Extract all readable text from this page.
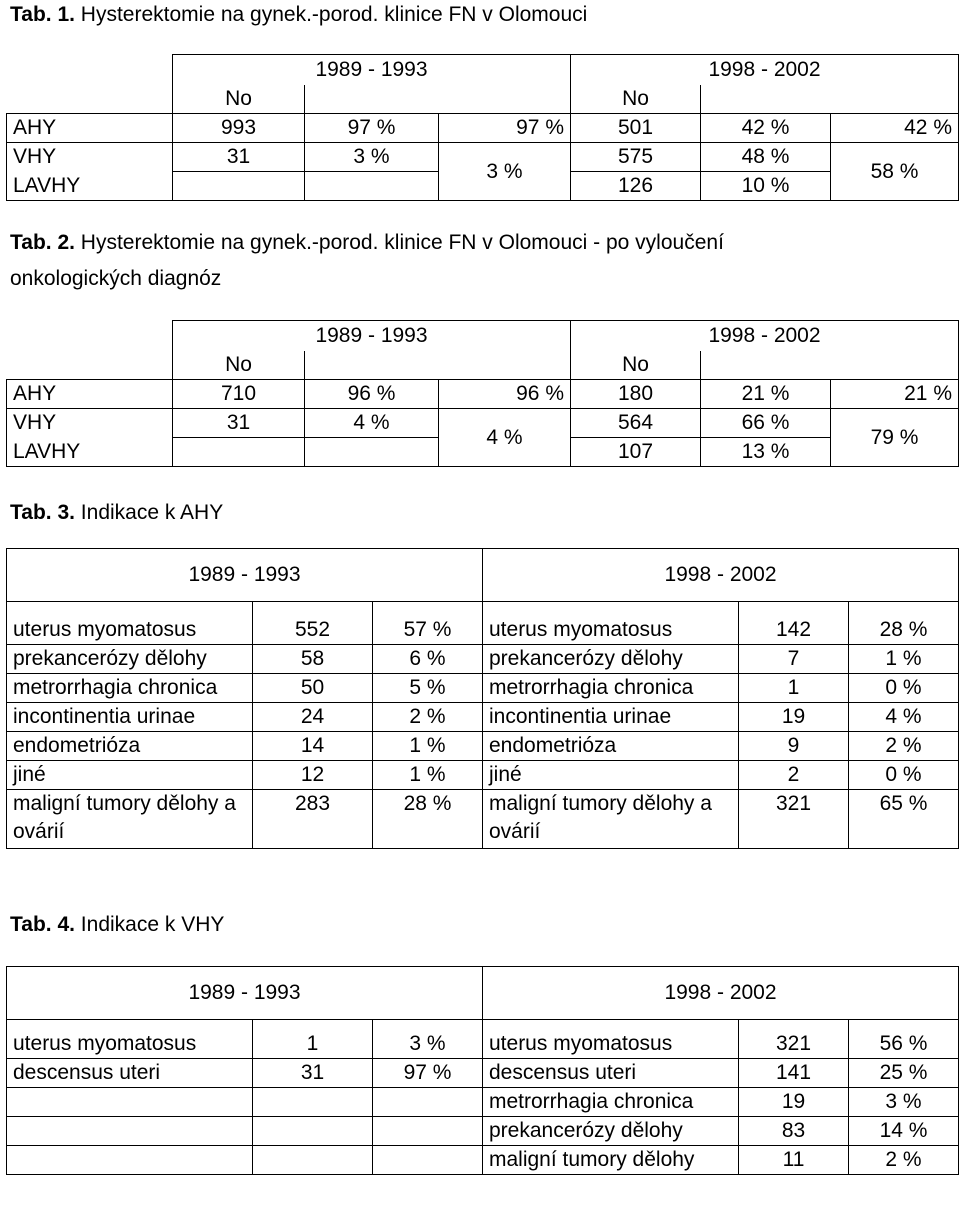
Tab. 1. Hysterektomie na gynek.-porod. klinice FN v Olomouci
	1989 - 1993			1998 - 2002		
	No			No		
AHY	993	97 %	97 %	501	42 %	42 %
VHY	31	3 %	3 %	575	48 %	58 %
LAVHY				126	10 %	
Tab. 2. Hysterektomie na gynek.-porod. klinice FN v Olomouci - po vyloučení
onkologických diagnóz
	1989 - 1993			1998 - 2002		
	No			No		
AHY	710	96 %	96 %	180	21 %	21 %
VHY	31	4 %	4 %	564	66 %	79 %
LAVHY				107	13 %	
Tab. 3. Indikace k AHY
1989 - 1993			1998 - 2002		
uterus myomatosus	552	57 %	uterus myomatosus	142	28 %
prekancerózy dělohy	58	6 %	prekancerózy dělohy	7	1 %
metrorrhagia chronica	50	5 %	metrorrhagia chronica	1	0 %
incontinentia urinae	24	2 %	incontinentia urinae	19	4 %
endometrióza	14	1 %	endometrióza	9	2 %
jiné	12	1 %	jiné	2	0 %
maligní tumory dělohy a ovárií	283	28 %	maligní tumory dělohy a ovárií	321	65 %
Tab. 4. Indikace k VHY
1989 - 1993			1998 - 2002		
uterus myomatosus	1	3 %	uterus myomatosus	321	56 %
descensus uteri	31	97 %	descensus uteri	141	25 %
			metrorrhagia chronica	19	3 %
			prekancerózy dělohy	83	14 %
			maligní tumory dělohy	11	2 %
